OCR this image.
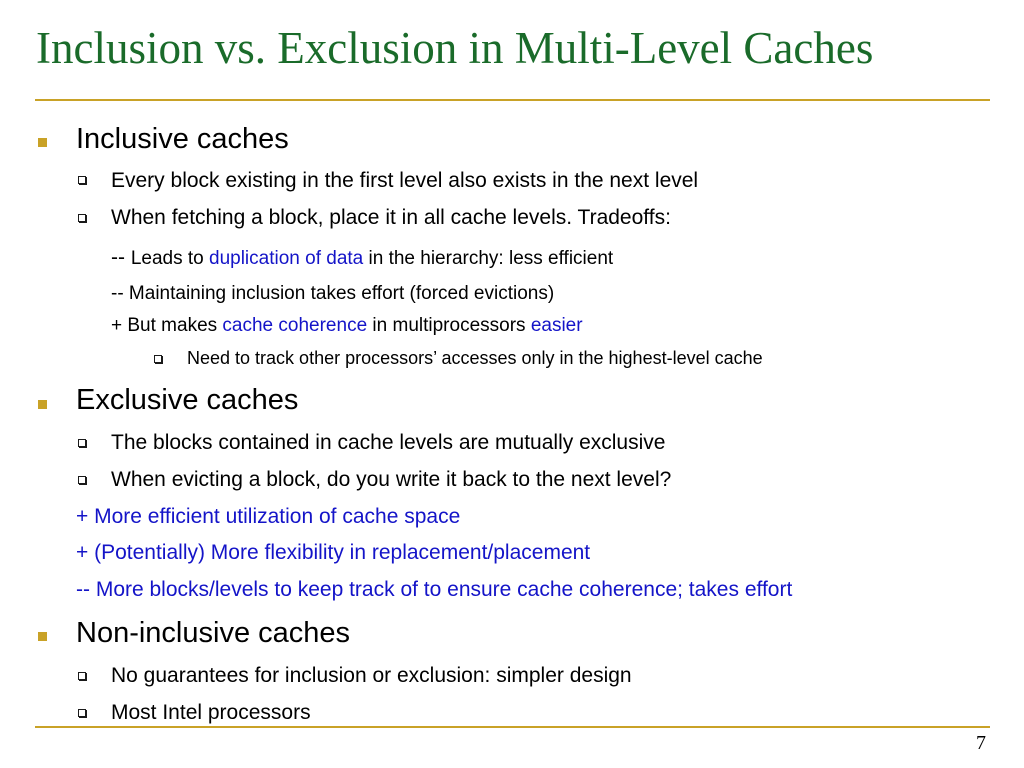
Inclusion vs. Exclusion in Multi-Level Caches
Inclusive caches
Every block existing in the first level also exists in the next level
When fetching a block, place it in all cache levels. Tradeoffs:
-- Leads to duplication of data in the hierarchy: less efficient
-- Maintaining inclusion takes effort (forced evictions)
+ But makes cache coherence in multiprocessors easier
Need to track other processors’ accesses only in the highest-level cache
Exclusive caches
The blocks contained in cache levels are mutually exclusive
When evicting a block, do you write it back to the next level?
+ More efficient utilization of cache space
+ (Potentially) More flexibility in replacement/placement
-- More blocks/levels to keep track of to ensure cache coherence; takes effort
Non-inclusive caches
No guarantees for inclusion or exclusion: simpler design
Most Intel processors
7
